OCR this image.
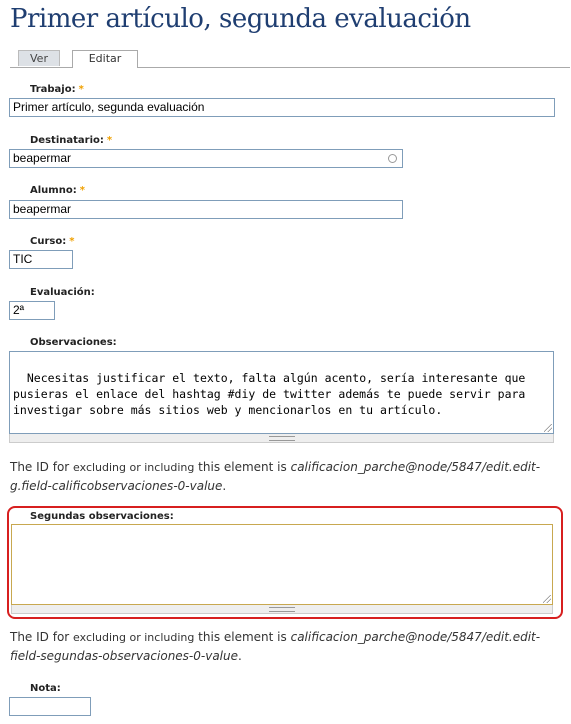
Primer artículo, segunda evaluación
Ver	Editar
Trabajo: *
Primer artículo, segunda evaluación
Destinatario: *
beapermar
Alumno: *
beapermar
Curso: *
TIC
Evaluación:
2ª
Observaciones:

Necesitas justificar el texto, falta algún acento, sería interesante que pusieras el enlace del hashtag #diy de twitter además te puede servir para investigar sobre más sitios web y mencionarlos en tu artículo.

The ID for excluding or including this element is calificacion_parche@node/5847/edit.edit-g.field-calificobservaciones-0-value.
Segundas observaciones:

The ID for excluding or including this element is calificacion_parche@node/5847/edit.edit-field-segundas-observaciones-0-value.
Nota:
